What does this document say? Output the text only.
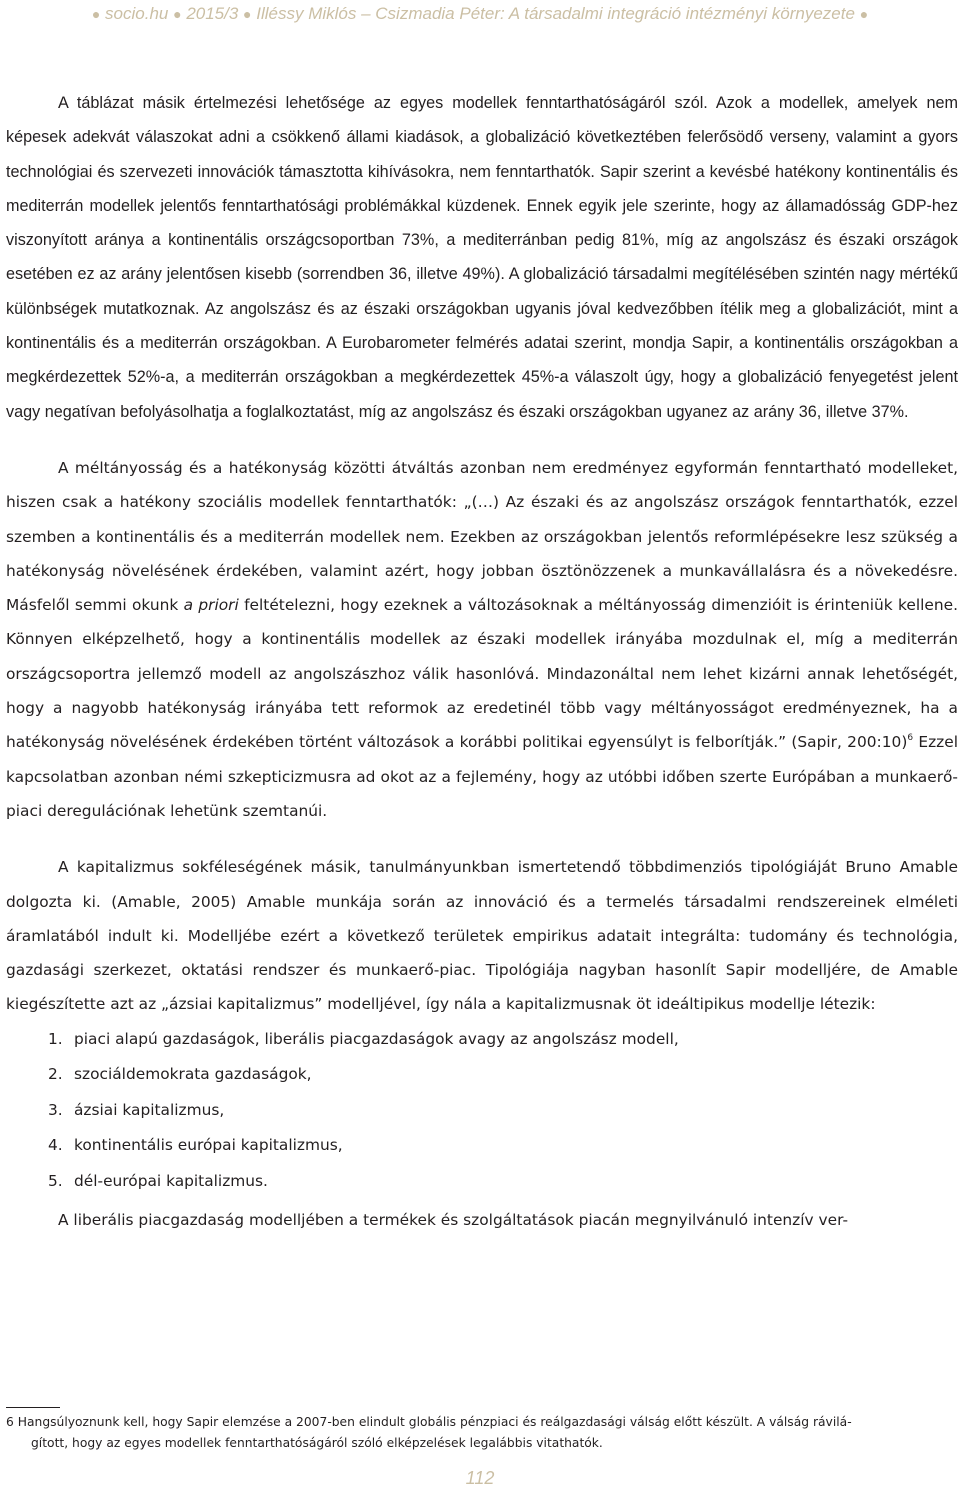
● socio.hu ● 2015/3 ● Illéssy Miklós – Csizmadia Péter: A társadalmi integráció intézményi környezete ●

A táblázat másik értelmezési lehetősége az egyes modellek fenntarthatóságáról szól. Azok a modellek, amelyek nem képesek adekvát válaszokat adni a csökkenő állami kiadások, a globalizáció következtében felerősödő verseny, valamint a gyors technológiai és szervezeti innovációk támasztotta kihívásokra, nem fenntarthatók. Sapir szerint a kevésbé hatékony kontinentális és mediterrán modellek jelentős fenntarthatósági problémákkal küzdenek. Ennek egyik jele szerinte, hogy az államadósság GDP-hez viszonyított aránya a kontinentális országcsoportban 73%, a mediterránban pedig 81%, míg az angolszász és északi országok esetében ez az arány jelentősen kisebb (sorrendben 36, illetve 49%). A globalizáció társadalmi megítélésében szintén nagy mértékű különbségek mutatkoznak. Az angolszász és az északi országokban ugyanis jóval kedvezőbben ítélik meg a globalizációt, mint a kontinentális és a mediterrán országokban. A Eurobarometer felmérés adatai szerint, mondja Sapir, a kontinentális országokban a megkérdezettek 52%-a, a mediterrán országokban a megkérdezettek 45%-a válaszolt úgy, hogy a globalizáció fenyegetést jelent vagy negatívan befolyásolhatja a foglalkoztatást, míg az angolszász és északi országokban ugyanez az arány 36, illetve 37%.

A méltányosság és a hatékonyság közötti átváltás azonban nem eredményez egyformán fenntartható modelleket, hiszen csak a hatékony szociális modellek fenntarthatók: „(…) Az északi és az angolszász országok fenntarthatók, ezzel szemben a kontinentális és a mediterrán modellek nem. Ezekben az országokban jelentős reformlépésekre lesz szükség a hatékonyság növelésének érdekében, valamint azért, hogy jobban ösztönözzenek a munkavállalásra és a növekedésre. Másfelől semmi okunk a priori feltételezni, hogy ezeknek a változásoknak a méltányosság dimenzióit is érinteniük kellene. Könnyen elképzelhető, hogy a kontinentális modellek az északi modellek irányába mozdulnak el, míg a mediterrán országcsoportra jellemző modell az angolszászhoz válik hasonlóvá. Mindazonáltal nem lehet kizárni annak lehetőségét, hogy a nagyobb hatékonyság irányába tett reformok az eredetinél több vagy méltányosságot eredményeznek, ha a hatékonyság növelésének érdekében történt változások a korábbi politikai egyensúlyt is felborítják.” (Sapir, 200:10)$^6$ Ezzel kapcsolatban azonban némi szkepticizmusra ad okot az a fejlemény, hogy az utóbbi időben szerte Európában a munkaerő-piaci deregulációnak lehetünk szemtanúi.

A kapitalizmus sokféleségének másik, tanulmányunkban ismertetendő többdimenziós tipológiáját Bruno Amable dolgozta ki. (Amable, 2005) Amable munkája során az innováció és a termelés társadalmi rendszereinek elméleti áramlatából indult ki. Modelljébe ezért a következő területek empirikus adatait integrálta: tudomány és technológia, gazdasági szerkezet, oktatási rendszer és munkaerő-piac. Tipológiája nagyban hasonlít Sapir modelljére, de Amable kiegészítette azt az „ázsiai kapitalizmus” modelljével, így nála a kapitalizmusnak öt ideáltipikus modellje létezik:

1. piaci alapú gazdaságok, liberális piacgazdaságok avagy az angolszász modell,
2. szociáldemokrata gazdaságok,
3. ázsiai kapitalizmus,
4. kontinentális európai kapitalizmus,
5. dél-európai kapitalizmus.

A liberális piacgazdaság modelljében a termékek és szolgáltatások piacán megnyilvánuló intenzív ver-

6 Hangsúlyoznunk kell, hogy Sapir elemzése a 2007-ben elindult globális pénzpiaci és reálgazdasági válság előtt készült. A válság rávilá-
gított, hogy az egyes modellek fenntarthatóságáról szóló elképzelések legalábbis vitathatók.
112
